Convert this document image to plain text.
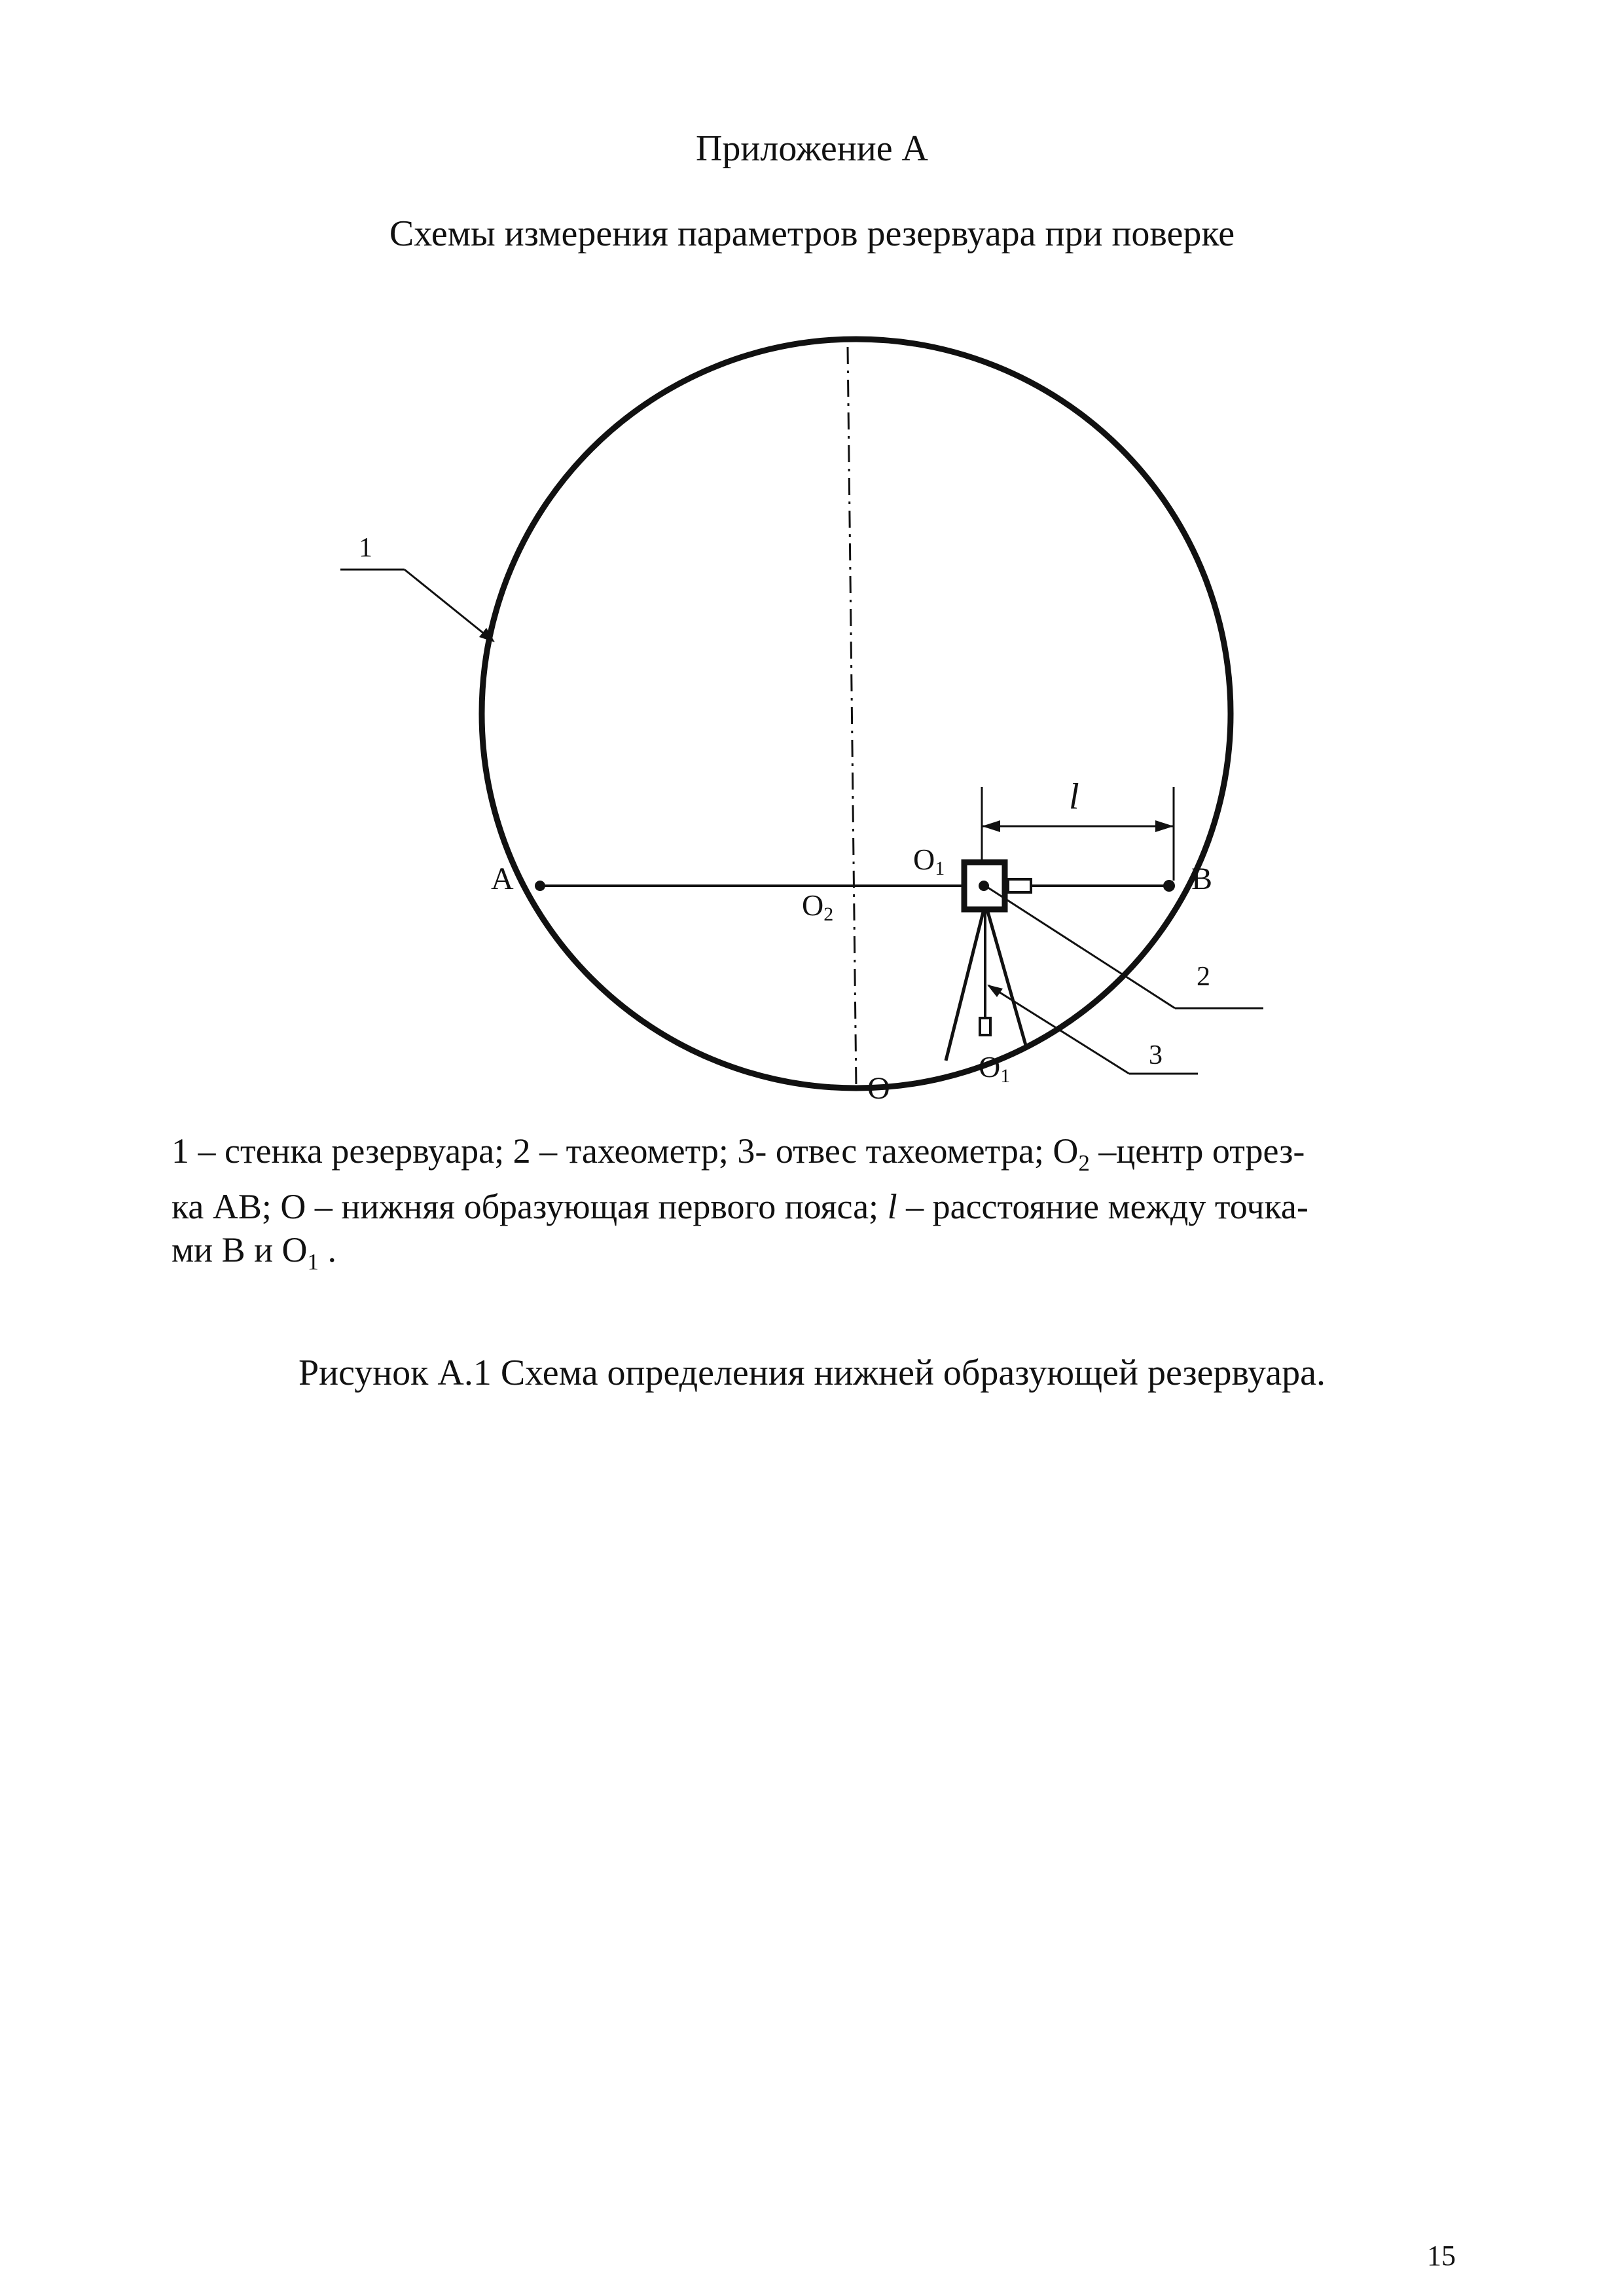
Приложение А
Схемы измерения параметров резервуара при поверке
1
2
3
l
A	B
O
O1
O2
O1
1 – стенка резервуара; 2 – тахеометр; 3- отвес тахеометра; $O_2$ –центр отрез-
ка АВ; О – нижняя образующая первого пояса; l – расстояние между точка-
ми В и $О_1$ .
Рисунок А.1 Схема определения нижней образующей резервуара.
15
